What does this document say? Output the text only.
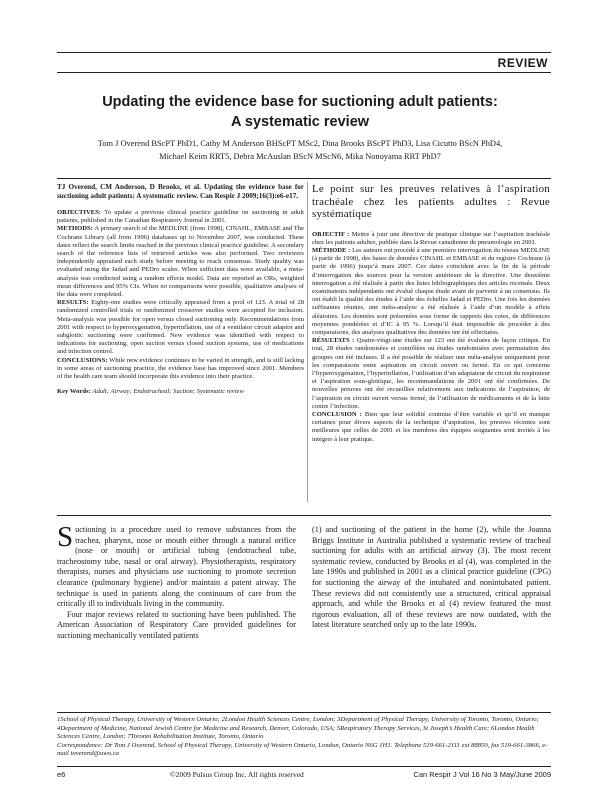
REVIEW
Updating the evidence base for suctioning adult patients:
A systematic review
Tom J Overend BScPT PhD1, Cathy M Anderson BHScPT MSc2, Dina Brooks BScPT PhD3, Lisa Cicutto BScN PhD4,
Michael Keim RRT5, Debra McAuslan BScN MScN6, Mika Nonoyama RRT PhD7
TJ Overend, CM Anderson, D Brooks, et al. Updating the evidence base for suctioning adult patients: A systematic review. Can Respir J 2009;16(3):e6-e17.
OBJECTIVES: To update a previous clinical practice guideline on suctioning in adult patients, published in the Canadian Respiratory Journal in 2001.
METHODS: A primary search of the MEDLINE (from 1998), CINAHL, EMBASE and The Cochrane Library (all from 1996) databases up to November 2007, was conducted. These dates reflect the search limits reached in the previous clinical practice guideline. A secondary search of the reference lists of retrieved articles was also performed. Two reviewers independently appraised each study before meeting to reach consensus. Study quality was evaluated using the Jadad and PEDro scales. When sufficient data were available, a meta-analysis was conducted using a random effects model. Data are reported as ORs, weighted mean differences and 95% CIs. When no comparisons were possible, qualitative analyses of the data were completed.
RESULTS: Eighty-one studies were critically appraised from a pool of 123. A total of 28 randomized controlled trials or randomized crossover studies were accepted for inclusion. Meta-analysis was possible for open versus closed suctioning only. Recommendations from 2001 with respect to hyperoxygenation, hyperinflation, use of a ventilator circuit adaptor and subglottic suctioning were confirmed. New evidence was identified with respect to indications for suctioning, open suction versus closed suction systems, use of medications and infection control.
CONCLUSIONS: While new evidence continues to be varied in strength, and is still lacking in some areas of suctioning practice, the evidence base has improved since 2001. Members of the health care team should incorporate this evidence into their practice.
Key Words: Adult; Airway; Endotracheal; Suction; Systematic review
Le point sur les preuves relatives à l’aspiration trachéale chez les patients adultes : Revue systématique
OBJECTIF : Mettre à jour une directive de pratique clinique sur l’aspiration trachéale chez les patients adultes, publiée dans la Revue canadienne de pneumologie en 2001.
MÉTHODE : Les auteurs ont procédé à une première interrogation du réseau MEDLINE (à partir de 1998), des bases de données CINAHL et EMBASE et du registre Cochrane (à partir de 1996) jusqu’à mars 2007. Ces dates coïncident avec la fin de la période d’interrogation des sources pour la version antérieure de la directive. Une deuxième interrogation a été réalisée à partir des listes bibliographiques des articles recensés. Deux examinateurs indépendants ont évalué chaque étude avant de parvenir à un consensus. Ils ont établi la qualité des études à l’aide des échelles Jadad et PEDro. Une fois les données suffisantes réunies, une méta-analyse a été réalisée à l’aide d’un modèle à effets aléatoires. Les données sont présentées sous forme de rapports des cotes, de différences moyennes pondérées et d’IC à 95 %. Lorsqu’il était impossible de procéder à des comparaisons, des analyses qualitatives des données ont été effectuées.
RÉSULTATS : Quatre-vingt-une études sur 123 ont été évaluées de façon critique. En tout, 28 études randomisées et contrôlées ou études randomisées avec permutation des groupes ont été incluses. Il a été possible de réaliser une méta-analyse uniquement pour les comparaisons entre aspiration en circuit ouvert ou fermé. En ce qui concerne l’hyperoxygénation, l’hyperinflation, l’utilisation d’un adaptateur de circuit du respirateur et l’aspiration sous-glottique, les recommandations de 2001 ont été confirmées. De nouvelles preuves ont été recueillies relativement aux indications de l’aspiration, de l’aspiration en circuit ouvert versus fermé, de l’utilisation de médicaments et de la lutte contre l’infection.
CONCLUSION : Bien que leur solidité continue d’être variable et qu’il en manque certaines pour divers aspects de la technique d’aspiration, les preuves récentes sont meilleures que celles de 2001 et les membres des équipes soignantes sont invités à les intégrer à leur pratique.

Suctioning is a procedure used to remove substances from the trachea, pharynx, nose or mouth either through a natural orifice (nose or mouth) or artificial tubing (endotracheal tube, tracheostomy tube, nasal or oral airway). Physiotherapists, respiratory therapists, nurses and physicians use suctioning to promote secretion clearance (pulmonary hygiene) and/or maintain a patent airway. The technique is used in patients along the continuum of care from the critically ill to individuals living in the community.

Four major reviews related to suctioning have been published. The American Association of Respiratory Care provided guidelines for suctioning mechanically ventilated patients

(1) and suctioning of the patient in the home (2), while the Joanna Briggs Institute in Australia published a systematic review of tracheal suctioning for adults with an artificial airway (3). The most recent systematic review, conducted by Brooks et al (4), was completed in the late 1990s and published in 2001 as a clinical practice guideline (CPG) for suctioning the airway of the intubated and nonintubated patient. These reviews did not consistently use a structured, critical appraisal approach, and while the Brooks et al (4) review featured the most rigorous evaluation, all of these reviews are now outdated, with the latest literature searched only up to the late 1990s.

1School of Physical Therapy, University of Western Ontario; 2London Health Sciences Centre, London; 3Department of Physical Therapy, University of Toronto, Toronto, Ontario; 4Department of Medicine, National Jewish Centre for Medicine and Research, Denver, Colorado, USA; 5Respiratory Therapy Services, St Joseph’s Health Care; 6London Health Sciences Centre, London; 7Toronto Rehabilitation Institute, Toronto, Ontario
Correspondence: Dr Tom J Overend, School of Physical Therapy, University of Western Ontario, London, Ontario N6G 1H1. Telephone 519-661-2111 ext 88850, fax 519-661-3866, e-mail toverend@uwo.ca
e6	©2009 Pulsus Group Inc. All rights reserved	Can Respir J Vol 16 No 3 May/June 2009
